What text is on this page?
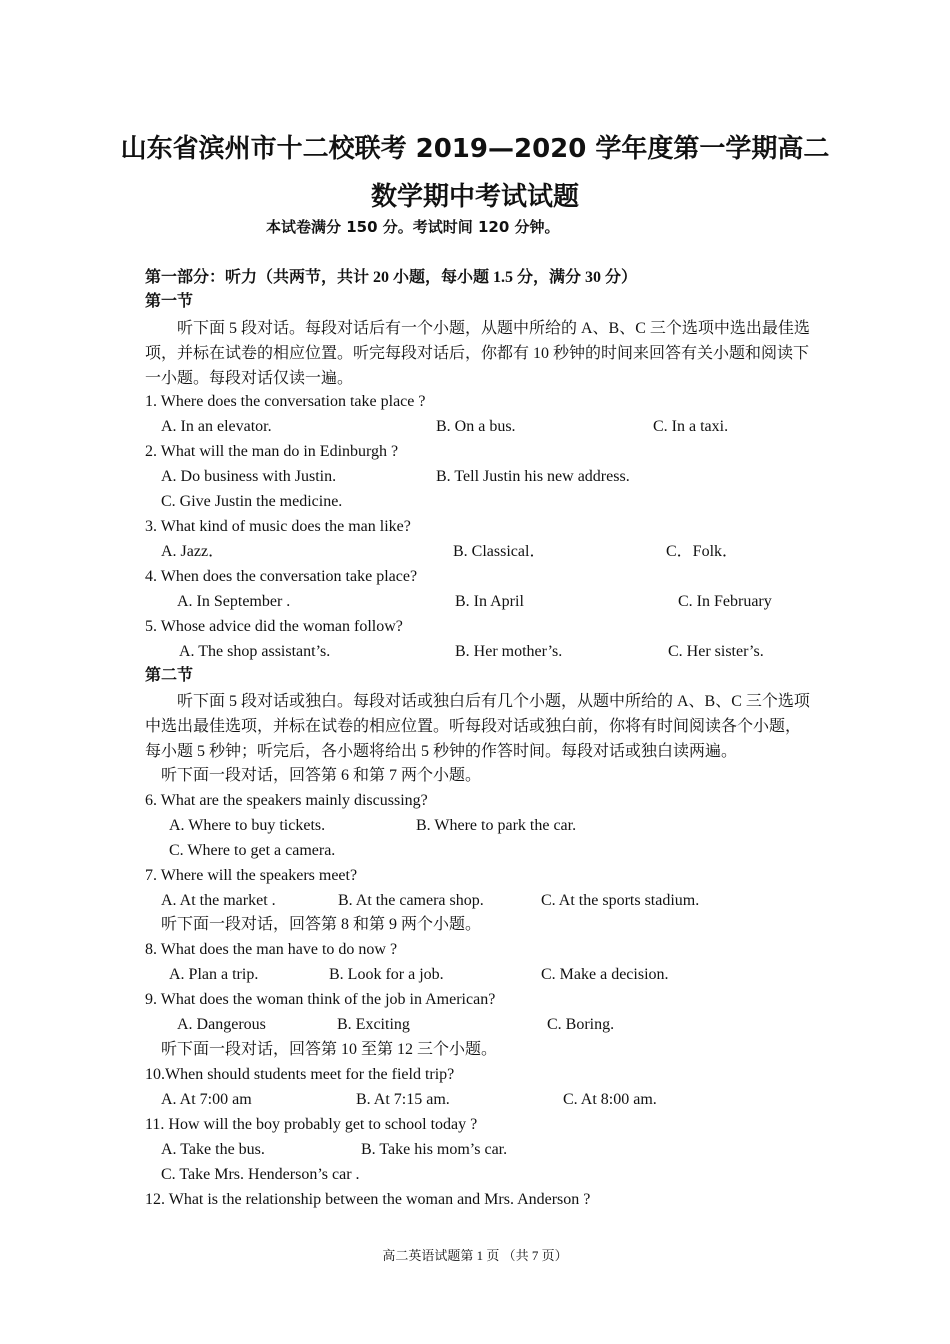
山东省滨州市十二校联考 2019—2020 学年度第一学期高二
数学期中考试试题
本试卷满分 150 分。考试时间 120 分钟。
第一部分：听力（共两节，共计 20 小题，每小题 1.5 分，满分 30 分）
第一节
听下面 5 段对话。每段对话后有一个小题，从题中所给的 A、B、C 三个选项中选出最佳选项，并标在试卷的相应位置。听完每段对话后，你都有 10 秒钟的时间来回答有关小题和阅读下一小题。每段对话仅读一遍。
1. Where does the conversation take place ?
A. In an elevator.	B. On a bus.	C. In a taxi.
2. What will the man do in Edinburgh ?
A. Do business with Justin.	B. Tell Justin his new address.
C. Give Justin the medicine.
3. What kind of music does the man like?
A. Jazz．	B. Classical．	C．Folk．
4. When does the conversation take place?
A. In September .	B. In April	C. In February
5. Whose advice did the woman follow?
A. The shop assistant’s.	B. Her mother’s.	C. Her sister’s.
第二节
听下面 5 段对话或独白。每段对话或独白后有几个小题，从题中所给的 A、B、C 三个选项中选出最佳选项，并标在试卷的相应位置。听每段对话或独白前，你将有时间阅读各个小题，每小题 5 秒钟；听完后，各小题将给出 5 秒钟的作答时间。每段对话或独白读两遍。
听下面一段对话，回答第 6 和第 7 两个小题。
6. What are the speakers mainly discussing?
A. Where to buy tickets.	B. Where to park the car.
C. Where to get a camera.
7. Where will the speakers meet?
A. At the market .	B. At the camera shop.	C. At the sports stadium.
听下面一段对话，回答第 8 和第 9 两个小题。
8. What does the man have to do now ?
A. Plan a trip.	B. Look for a job.	C. Make a decision.
9. What does the woman think of the job in American?
A. Dangerous	B. Exciting	C. Boring.
听下面一段对话，回答第 10 至第 12 三个小题。
10.When should students meet for the field trip?
A. At 7:00 am	B. At 7:15 am.	C. At 8:00 am.
11. How will the boy probably get to school today ?
A. Take the bus.	B. Take his mom’s car.
C. Take Mrs. Henderson’s car .
12. What is the relationship between the woman and Mrs. Anderson ?
高二英语试题第 1 页 （共 7 页）
